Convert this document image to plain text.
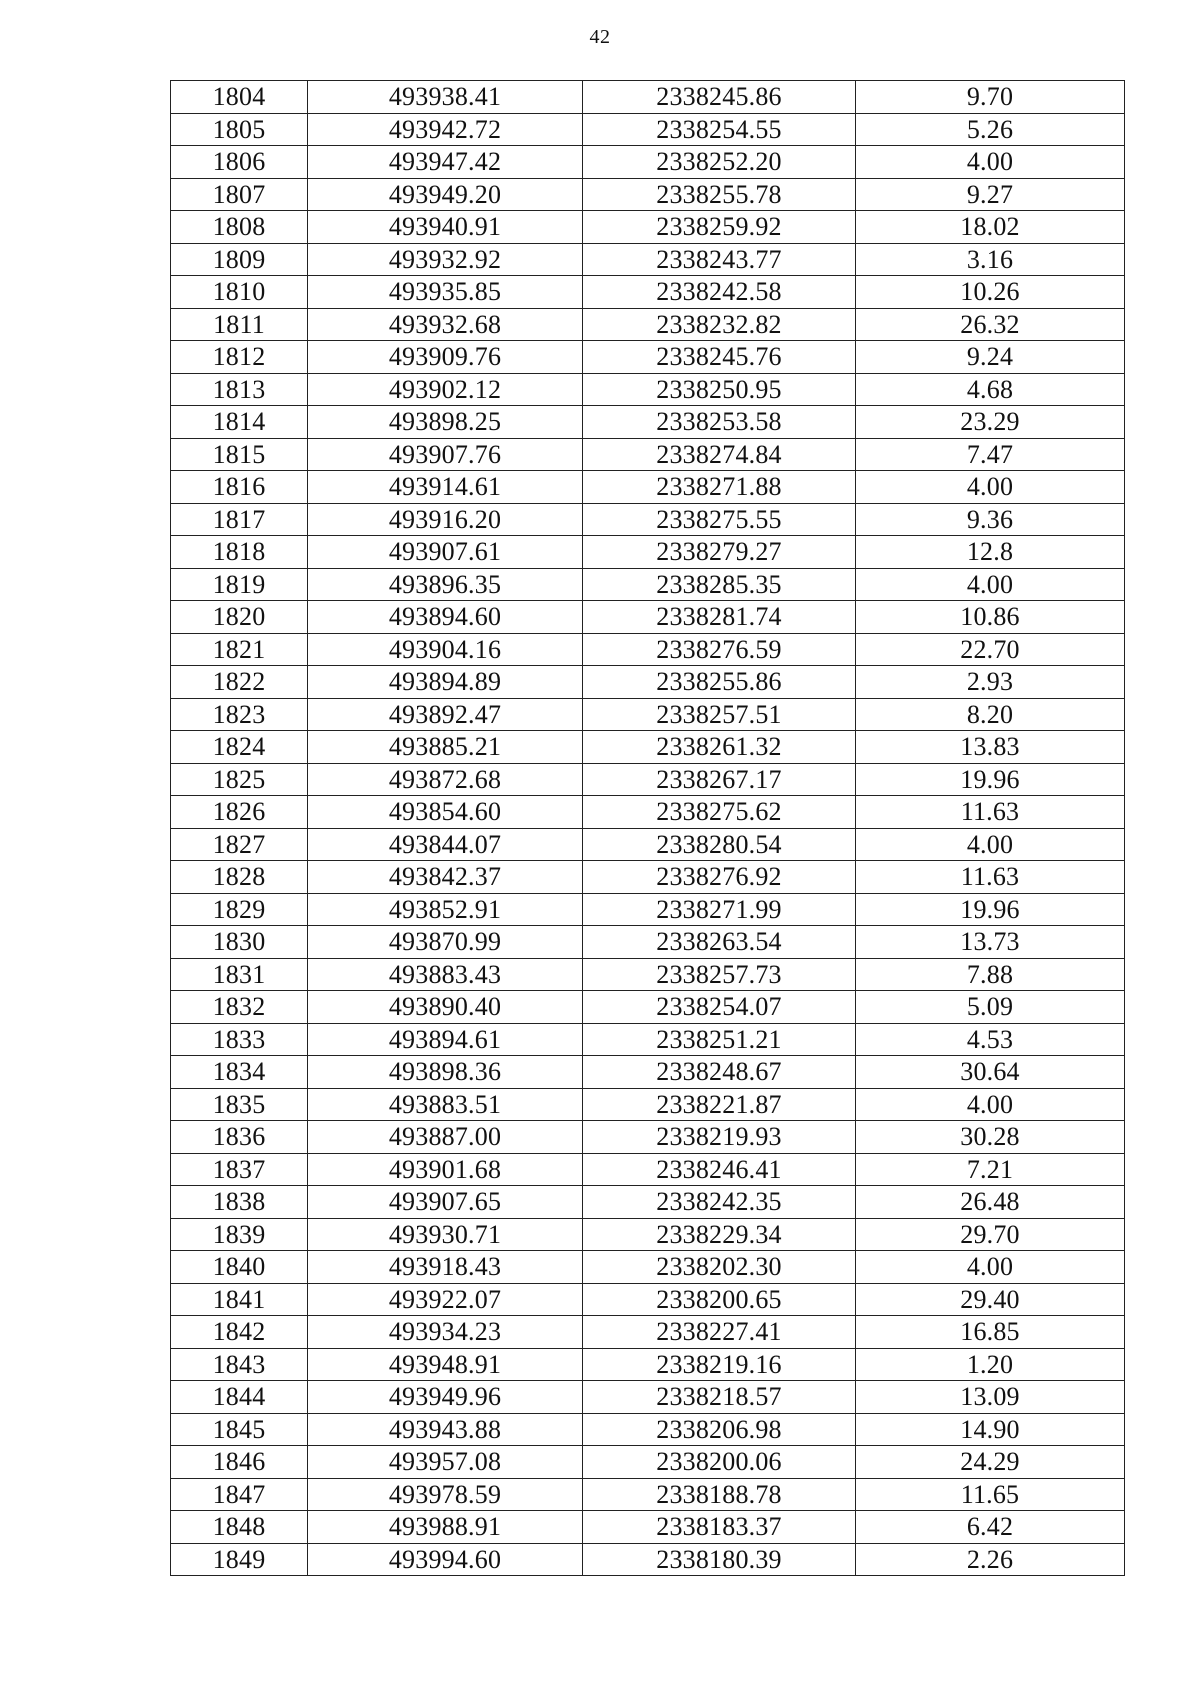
42
1804	493938.41	2338245.86	9.70
1805	493942.72	2338254.55	5.26
1806	493947.42	2338252.20	4.00
1807	493949.20	2338255.78	9.27
1808	493940.91	2338259.92	18.02
1809	493932.92	2338243.77	3.16
1810	493935.85	2338242.58	10.26
1811	493932.68	2338232.82	26.32
1812	493909.76	2338245.76	9.24
1813	493902.12	2338250.95	4.68
1814	493898.25	2338253.58	23.29
1815	493907.76	2338274.84	7.47
1816	493914.61	2338271.88	4.00
1817	493916.20	2338275.55	9.36
1818	493907.61	2338279.27	12.8
1819	493896.35	2338285.35	4.00
1820	493894.60	2338281.74	10.86
1821	493904.16	2338276.59	22.70
1822	493894.89	2338255.86	2.93
1823	493892.47	2338257.51	8.20
1824	493885.21	2338261.32	13.83
1825	493872.68	2338267.17	19.96
1826	493854.60	2338275.62	11.63
1827	493844.07	2338280.54	4.00
1828	493842.37	2338276.92	11.63
1829	493852.91	2338271.99	19.96
1830	493870.99	2338263.54	13.73
1831	493883.43	2338257.73	7.88
1832	493890.40	2338254.07	5.09
1833	493894.61	2338251.21	4.53
1834	493898.36	2338248.67	30.64
1835	493883.51	2338221.87	4.00
1836	493887.00	2338219.93	30.28
1837	493901.68	2338246.41	7.21
1838	493907.65	2338242.35	26.48
1839	493930.71	2338229.34	29.70
1840	493918.43	2338202.30	4.00
1841	493922.07	2338200.65	29.40
1842	493934.23	2338227.41	16.85
1843	493948.91	2338219.16	1.20
1844	493949.96	2338218.57	13.09
1845	493943.88	2338206.98	14.90
1846	493957.08	2338200.06	24.29
1847	493978.59	2338188.78	11.65
1848	493988.91	2338183.37	6.42
1849	493994.60	2338180.39	2.26
